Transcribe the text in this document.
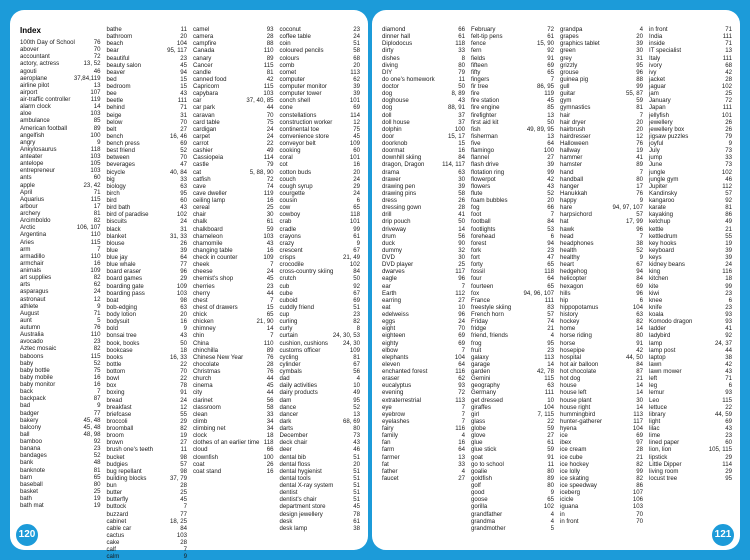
Index
100th Day of School	76
abover	70
accountant	72
actory, actress	13, 52
agouti	46
aeroplane	37,84,119
airline pilot	13
airport	107
air-traffic controller	119
alarm clock	14
aloe	103
ambulance	85
American football	89
angelfish	100
angry	9
Ankylosaurus	118
anteater	103
antelope	105
entrepreneur	103
ants	60
apple	23, 42
April	71
Aquarius	115
arbour	17
archery	81
Arcimboldo	82
Arctic	106, 107
Argentina	110
Aries	115
arm	7
armadillo	110
armchair	16
animals	109
art supplies	82
arts	62
asparagus	24
astronaut	12
athlete	9
August	71
aunt	5
autumn	76
Australia	110
avocado	23
Aztec mosaic	82
baboons	115
baby	52
baby bottle	75
baby mobile	16
baby monitor	16
back	7
backpack	87
bad	9
badger	77
bakery	45, 48
balcony	45, 48
ball	48, 98
bamboo	92
banana	23
bandages	52
bank	48
banknote	81
barn	65
baseball	80
basket	25
bath	19
bath mat	19
bathe	11
bathroom	20
beach	104
bear	95, 117
beautiful	23
beauty salon	45
beaver	94
bed	15
bedroom	15
bee	43
beetle	111
behind	71
beige	31
below	70
belt	27
bench	16, 46
bench press	69
best friend	52
between	70
beverages	47
bicycle	40, 84
big	33
biology	63
birch	95
bird	60
bird bath	43
bird of paradise	102
biscuits	24
black	31
blanket	31, 33
blouse	26
blue	39
blue jay	64
blue whale	77
board eraser	96
board games	29
boarding gate	109
boarding pass	103
boat	98
bob-edging	63
body lotion	20
bodysuit	16
bold	9
bonsai tree	43
book, books	50
bookcase	18
books	16, 33
bottle	22
bottom	70
bowl	22
box	78
boxing	91
bread	24
breakfast	12
briefcase	55
broccoli	29
broomball	82
broom	19
brown	27
brush one's teeth	11
bucket	98
budgies	57
bug repellant	98
building blocks	37, 79
bun	28
butter	25
butterfly	45
buttock	7
buzzard	77
cabinet	18, 25
cable car	84
cactus	103
cake	28
calf	7
calm	9
camel	93
camera	28
campfire	88
Canada	110
canary	89
Cancer	115
candle	81
canned food	42
Capricorn	115
capybara	103
car	37, 40, 85
car park	44
caravan	70
card table	75
cardigan	24
carpet	24
carrot	22
cashier	49
Cassiopeia	114
castle	79
cat	5, 88, 90
catfish	72
cave	74
cave dweller	119
ceiling lamp	16
cereal	25
chair	30
chalk	61
chalkboard	59
chameleon	103
chamomile	43
changing table	16
check in counter	109
cheek	7
cheese	24
chemist's shop	45
cherries	23
cherry	44
chest	7
chest of drawers	15
chick	65
chicken	21, 90
chimney	14
chin	7
China	110
chinchilla	89
Chinese New Year	76
chocolate	28
Christmas	76
church	44
cinema	45
city	44
clarinet	56
classroom	58
clean	33
climb	34
climbing net	34
clock	18
clothes of an earlier time 118
cloud	66
clownfish	100
coat	26
coat stand	16
coconut	23
coffee table	24
coin	51
coloured pencils	58
colours	68
comb	20
comet	113
computer	62
computer monitor	39
computer tower	39
conch shell	101
cone	69
constellations	114
construction worker	12
continental toe	75
convenience store	45
conveyor belt	109
cooking	60
coral	101
cot	16
cotton buds	20
couch	24
cough syrup	29
courgette	24
cousin	6
cow	65
cowboy	118
crab	101
cradle	99
crayons	61
crazy	9
crescent	67
crisps	21, 49
crocodile	102
cross-country skiing	84
crutch	50
cub	92
cube	67
cuboid	69
cuddly friend	51
cup	23
curling	82
curly	8
curtain	24, 30, 53
cushion, cushions	24, 30
customs officer	109
cycling	81
cylinder	67
cymbals	56
dad	4
daily activities	10
dairy products	49
dam	95
dance	52
dancer	13
dark	68, 69
darts	80
December	73
deck chair	43
deer	46
dental bib	51
dental floss	20
dental hygienist	51
dental tools	51
dental X-ray system	51
dentist	51
dentist's chair	51
department store	45
design jewellery	78
desk	61
desk lamp	38
120
diamond	66
dinner hall	61
Diplodocus	118
dirty	33
dishes	8
diving	80
DIY	79
do one's homework	11
doctor	50
dog	8, 89
doghouse	43
dog	88, 91
doll	37
doll house	37
dolphin	100
door	15, 17
doorknob	15
doormat	16
downhill skiing	84
dragon, Dragon	114, 117
drama	63
drawer	30
drawing pen	39
drawing pins	58
dress	26
dressing gown	28
drill	41
drip pouch	50
driveway	14
drum	56
duck	90
dummy	32
DVD	30
DVD player	25
dwarves	117
eagle	96
ear	7
Earth	112
earring	27
eat	10
edelweiss	96
eggs	24
eight	70
eighteen	69
eighty	69
elbow	7
elephants	104
eleven	64
enchanted forest	116
eraser	62
eucalyptus	93
evening	72
extraterrestrial	113
eye	7
eyebrow	7
eyelashes	7
fairy	116
family	4
fan	16
farm	64
farmer	13
fat	33
father	4
faucet	27
February	72
felt-tip pens	61
fence	15, 90
fern	92
fields	91
fifteen	69
fifty	65
fingers	7
fir tree	86, 95
fire	119
fire station	45
fire engine	85
firefighter	13
first aid kit	50
fish	49, 89, 95
fisherman	13
five	64
flamingo	100
flannel	27
flash drive	39
flotation ring	99
flowerpot	42
flowers	43
flute	52
foam bubbles	20
fog	66
foot	7
football	84
footlights	53
forehead	6
forest	94
fork	23
fort	47
forty	65
fossil	118
four	64
fourteen	65
fox	94, 96, 107
France	111
freestyle skiing	83
French horn	57
Friday	74
fridge	21
friend, friends	4
frog	95
fruit	23
galaxy	113
garage	14
garden	42, 78
Gemini	115
geography	63
Germany	111
get dressed	10
giraffes	104
girl	7, 115
glass	22
globe	59
glove	27
glue	61
glue stick	59
goat	91
go to school	11
goalie	80
goldfish	89
golf	80
good	9
goose	65
gorilla	102
grandfather	4
grandma	4
grandmother	5
grandpa	4
grapes	20
graphics tablet	39
green	30
grey	31
grizzly	95
grouse	96
guinea pig	88
gull	99
guitar	55, 87
gym	59
gymnastics	81
hair	7
hair dryer	20
hairbrush	20
hairdresser	12
Halloween	76
hallway	19
hammer	41
hamster	89
hand	7
handball	80
hanger	17
Hanukkah	76
happy	9
hare	94, 97, 107
harpsichord	57
hat	17, 99
hawk	96
head	7
headphones	38
health	52
healthy	9
heart	67
hedgehog	94
helicopter	84
hexagon	69
hills	96
hip	6
hippopotamus	104
history	63
hockey	82
home	14
horse riding	80
horse	91
hosepipe	42
hospital	44, 50
hot air balloon	84
hot chocolate	87
hot dog	21
house	14
house left	14
house plant	30
house right	14
hummingbird	113
hunter-gatherer	117
hyena	104
ice	69
ibex	97
ice cream	28
ice cube	21
ice hockey	82
ice lolly	99
ice skating	82
ice speedway	86
iceberg	107
icicle	106
iguana	103
in	70
in front	70
in front	71
India	111
inside	71
IT specialist	13
Italy	111
ivory	68
ivy	42
jacket	28
jaguar	102
jam	25
January	72
Japan	111
jellyfish	101
jewellery	26
jewellery box	26
jigsaw puzzles	79
joyful	9
July	73
jump	33
June	73
jungle	102
jungle gym	46
Jupiter	112
Kandinsky	57
kangaroo	92
karate	81
kayaking	86
ketchup	49
kettle	21
kettledrum	55
key hooks	19
keyboard	39
keys	39
kidney beans	24
king	116
kitchen	18
kite	99
kiwi	23
knee	6
knife	23
koala	93
Komodo dragon	93
ladder	41
ladybird	92
lamp	24, 37
lamp post	44
laptop	38
lawn	42
lawn mower	43
left	71
leg	6
lemur	93
Leo	115
lettuce	22
library	44, 59
light	69
lilac	43
lime	23
lined paper	60
lion, lion	105, 115
lipstick	29
Little Dipper	114
living room	29
locust tree	95
121
